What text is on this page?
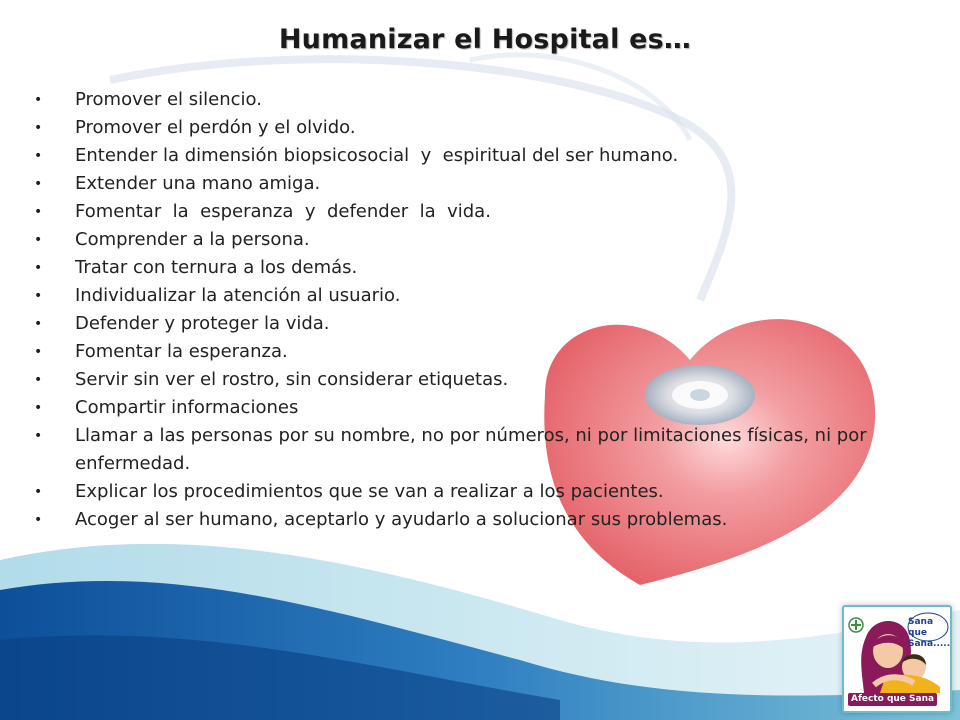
Humanizar el Hospital es…
• Promover el silencio.
• Promover el perdón y el olvido.
• Entender la dimensión biopsicosocial  y  espiritual del ser humano.
• Extender una mano amiga.
• Fomentar  la  esperanza  y  defender  la  vida.
• Comprender a la persona.
• Tratar con ternura a los demás.
• Individualizar la atención al usuario.
• Defender y proteger la vida.
• Fomentar la esperanza.
• Servir sin ver el rostro, sin considerar etiquetas.
• Compartir informaciones
• Llamar a las personas por su nombre, no por números, ni por limitaciones físicas, ni por enfermedad.
• Explicar los procedimientos que se van a realizar a los pacientes.
• Acoger al ser humano, aceptarlo y ayudarlo a solucionar sus problemas.
Sana que Sana.....
Afecto que Sana
